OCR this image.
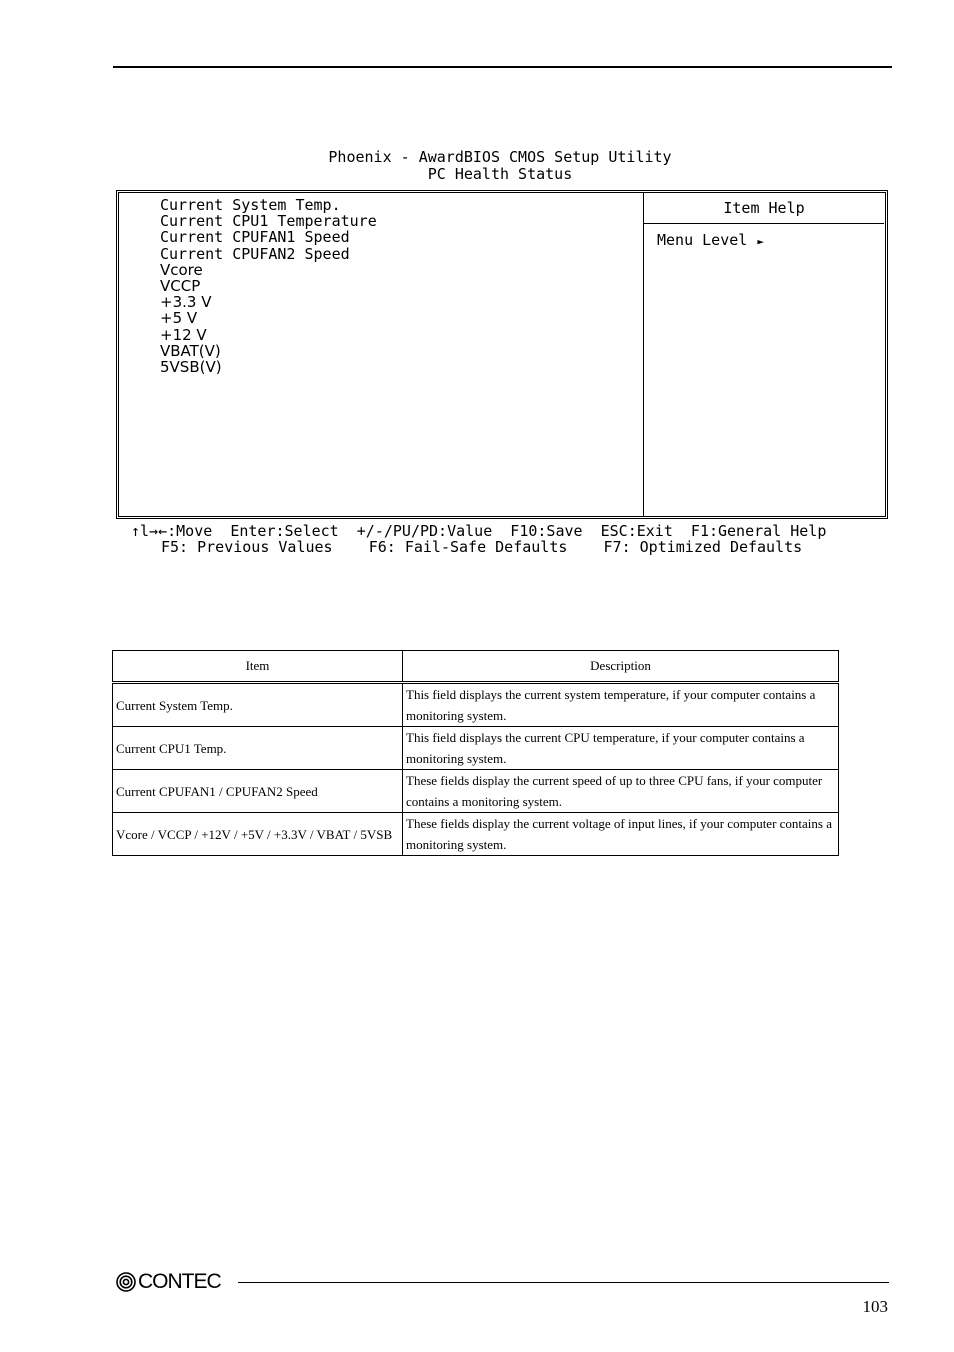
Phoenix - AwardBIOS CMOS Setup Utility
PC Health Status
Current System Temp.
Current CPU1 Temperature
Current CPUFAN1 Speed
Current CPUFAN2 Speed
Vcore
VCCP
+3.3 V
+5 V
+12 V
VBAT(V)
5VSB(V)
Item Help
Menu Level ►
↑l→←:Move  Enter:Select  +/-/PU/PD:Value  F10:Save  ESC:Exit  F1:General Help
F5: Previous Values    F6: Fail-Safe Defaults    F7: Optimized Defaults
Item	Description
Current System Temp.	This field displays the current system temperature, if your computer contains a monitoring system.
Current CPU1 Temp.	This field displays the current CPU temperature, if your computer contains a monitoring system.
Current CPUFAN1 / CPUFAN2 Speed	These fields display the current speed of up to three CPU fans, if your computer contains a monitoring system.
Vcore / VCCP / +12V / +5V / +3.3V / VBAT / 5VSB	These fields display the current voltage of input lines, if your computer contains a monitoring system.
CONTEC
103
